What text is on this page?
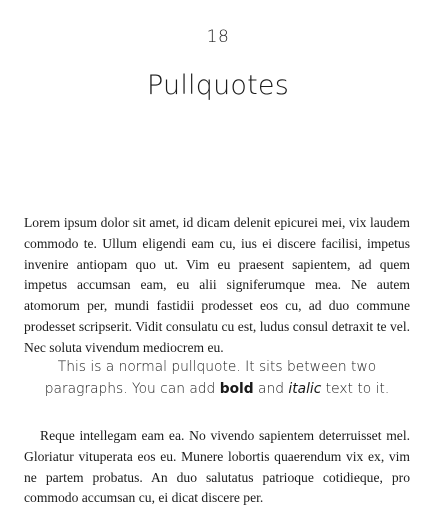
18
Pullquotes

Lorem ipsum dolor sit amet, id dicam delenit epicurei mei, vix laudem commodo te. Ullum eligendi eam cu, ius ei discere facilisi, impetus invenire antiopam quo ut. Vim eu praesent sapientem, ad quem impetus accumsan eam, eu alii signiferumque mea. Ne autem atomorum per, mundi fastidii prodesset eos cu, ad duo commune prodesset scripserit. Vidit consulatu cu est, ludus consul detraxit te vel. Nec soluta vivendum mediocrem eu.

This is a normal pullquote. It sits between two paragraphs. You can add bold and italic text to it.

Reque intellegam eam ea. No vivendo sapientem deterruisset mel. Gloriatur vituperata eos eu. Munere lobortis quaerendum vix ex, vim ne partem probatus. An duo salutatus patrioque cotidieque, pro commodo accumsan cu, ei dicat discere per.
